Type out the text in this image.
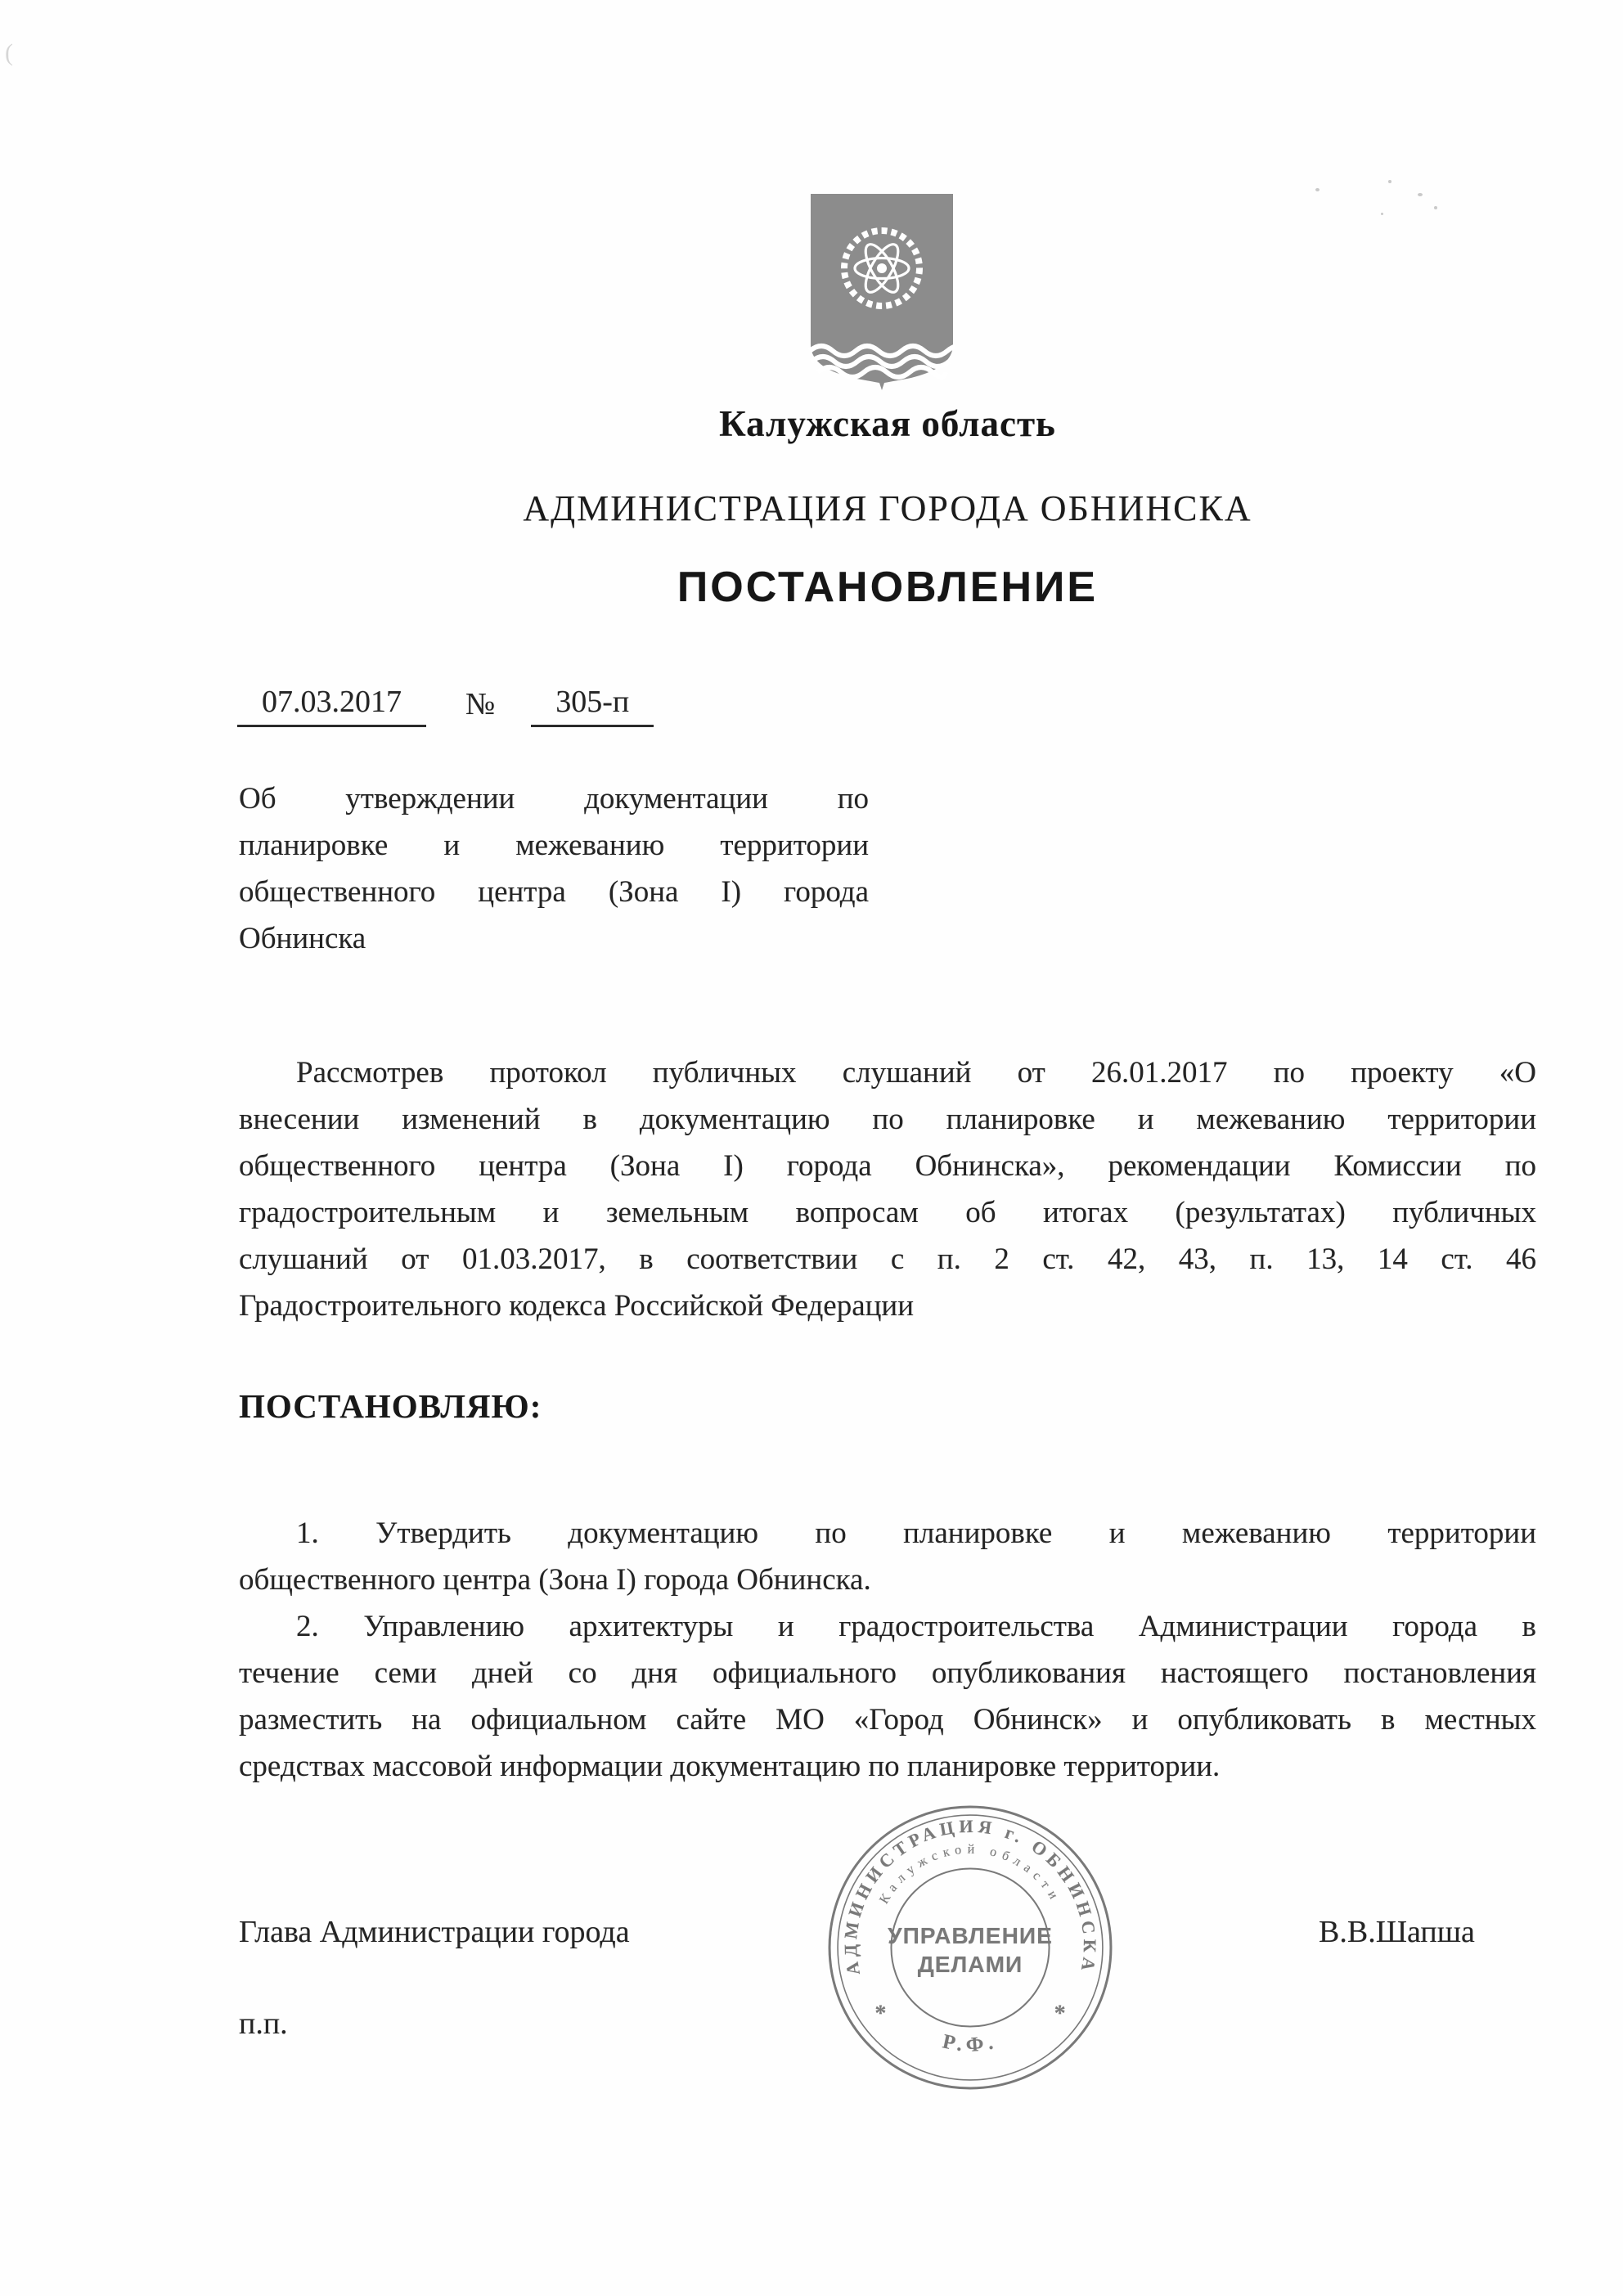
(
Калужская область
АДМИНИСТРАЦИЯ ГОРОДА ОБНИНСКА
ПОСТАНОВЛЕНИЕ
07.03.2017	№	305-п
Об утверждении документации по
планировке и межеванию территории
общественного центра (Зона I) города
Обнинска
Рассмотрев протокол публичных слушаний от 26.01.2017 по проекту «О
внесении изменений в документацию по планировке и межеванию территории
общественного центра (Зона I) города Обнинска», рекомендации Комиссии по
градостроительным и земельным вопросам об итогах (результатах) публичных
слушаний от 01.03.2017, в соответствии с п. 2 ст. 42, 43, п. 13, 14 ст. 46
Градостроительного кодекса Российской Федерации
ПОСТАНОВЛЯЮ:
1. Утвердить документацию по планировке и межеванию территории
общественного центра (Зона I) города Обнинска.
2. Управлению архитектуры и градостроительства Администрации города в
течение семи дней со дня официального опубликования настоящего постановления
разместить на официальном сайте МО «Город Обнинск» и опубликовать в местных
средствах массовой информации документацию по планировке территории.
Глава Администрации города	В.В.Шапша
п.п.
АДМИНИСТРАЦИЯ г. ОБНИНСКА
Калужской области
УПРАВЛЕНИЕ
ДЕЛАМИ
Р.Ф.
*	*
